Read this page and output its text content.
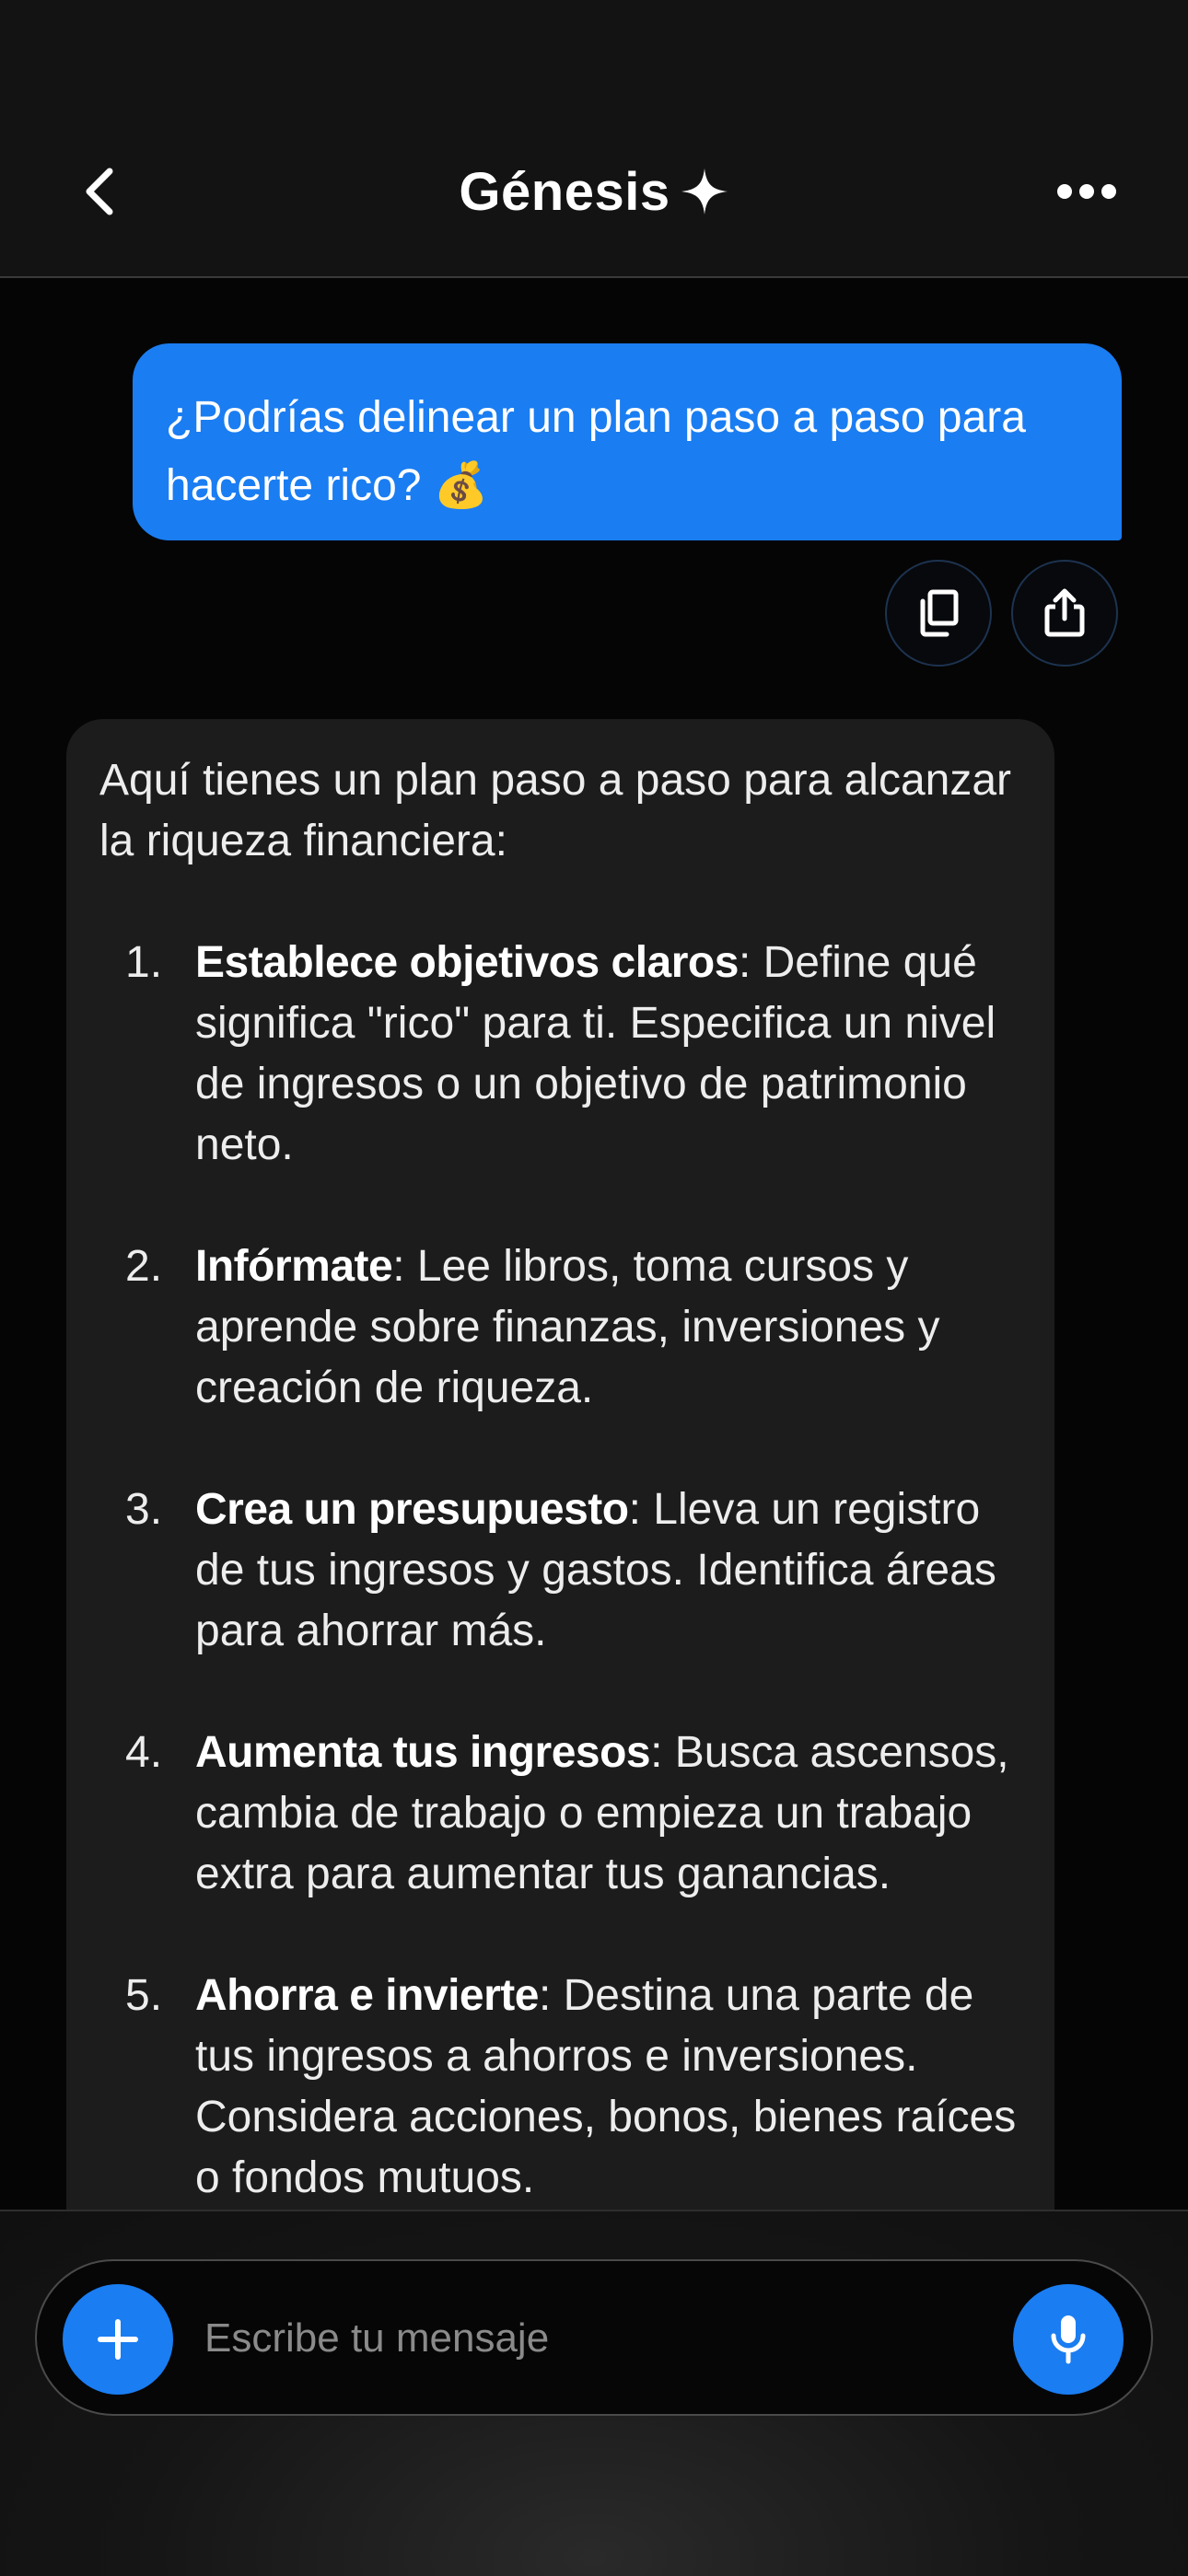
Génesis
¿Podrías delinear un plan paso a paso para hacerte rico? 💰

Aquí tienes un plan paso a paso para alcanzar la riqueza financiera:

1. Establece objetivos claros: Define qué significa "rico" para ti. Especifica un nivel de ingresos o un objetivo de patrimonio neto.
2. Infórmate: Lee libros, toma cursos y aprende sobre finanzas, inversiones y creación de riqueza.
3. Crea un presupuesto: Lleva un registro de tus ingresos y gastos. Identifica áreas para ahorrar más.
4. Aumenta tus ingresos: Busca ascensos, cambia de trabajo o empieza un trabajo extra para aumentar tus ganancias.
5. Ahorra e invierte: Destina una parte de tus ingresos a ahorros e inversiones. Considera acciones, bonos, bienes raíces o fondos mutuos.
Escribe tu mensaje
